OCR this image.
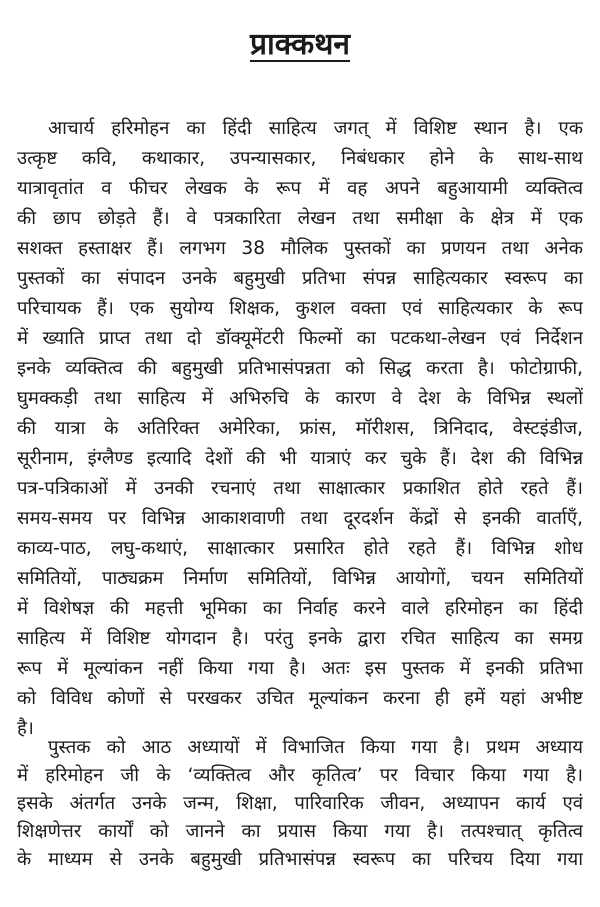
प्राक्कथन
आचार्य हरिमोहन का हिंदी साहित्य जगत् में विशिष्ट स्थान है। एक
उत्कृष्ट कवि, कथाकार, उपन्यासकार, निबंधकार होने के साथ-साथ
यात्रावृतांत व फीचर लेखक के रूप में वह अपने बहुआयामी व्यक्तित्व
की छाप छोड़ते हैं। वे पत्रकारिता लेखन तथा समीक्षा के क्षेत्र में एक
सशक्त हस्ताक्षर हैं। लगभग 38 मौलिक पुस्तकों का प्रणयन तथा अनेक
पुस्तकों का संपादन उनके बहुमुखी प्रतिभा संपन्न साहित्यकार स्वरूप का
परिचायक हैं। एक सुयोग्य शिक्षक, कुशल वक्ता एवं साहित्यकार के रूप
में ख्याति प्राप्त तथा दो डॉक्यूमेंटरी फिल्मों का पटकथा-लेखन एवं निर्देशन
इनके व्यक्तित्व की बहुमुखी प्रतिभासंपन्नता को सिद्ध करता है। फोटोग्राफी,
घुमक्कड़ी तथा साहित्य में अभिरुचि के कारण वे देश के विभिन्न स्थलों
की यात्रा के अतिरिक्त अमेरिका, फ्रांस, मॉरीशस, त्रिनिदाद, वेस्टइंडीज,
सूरीनाम, इंग्लैण्ड इत्यादि देशों की भी यात्राएं कर चुके हैं। देश की विभिन्न
पत्र-पत्रिकाओं में उनकी रचनाएं तथा साक्षात्कार प्रकाशित होते रहते हैं।
समय-समय पर विभिन्न आकाशवाणी तथा दूरदर्शन केंद्रों से इनकी वार्ताएँ,
काव्य-पाठ, लघु-कथाएं, साक्षात्कार प्रसारित होते रहते हैं। विभिन्न शोध
समितियों, पाठ्यक्रम निर्माण समितियों, विभिन्न आयोगों, चयन समितियों
में विशेषज्ञ की महत्ती भूमिका का निर्वाह करने वाले हरिमोहन का हिंदी
साहित्य में विशिष्ट योगदान है। परंतु इनके द्वारा रचित साहित्य का समग्र
रूप में मूल्यांकन नहीं किया गया है। अतः इस पुस्तक में इनकी प्रतिभा
को विविध कोणों से परखकर उचित मूल्यांकन करना ही हमें यहां अभीष्ट
है।
पुस्तक को आठ अध्यायों में विभाजित किया गया है। प्रथम अध्याय
में हरिमोहन जी के ‘व्यक्तित्व और कृतित्व’ पर विचार किया गया है।
इसके अंतर्गत उनके जन्म, शिक्षा, पारिवारिक जीवन, अध्यापन कार्य एवं
शिक्षणेत्तर कार्यों को जानने का प्रयास किया गया है। तत्पश्चात् कृतित्व
के माध्यम से उनके बहुमुखी प्रतिभासंपन्न स्वरूप का परिचय दिया गया
